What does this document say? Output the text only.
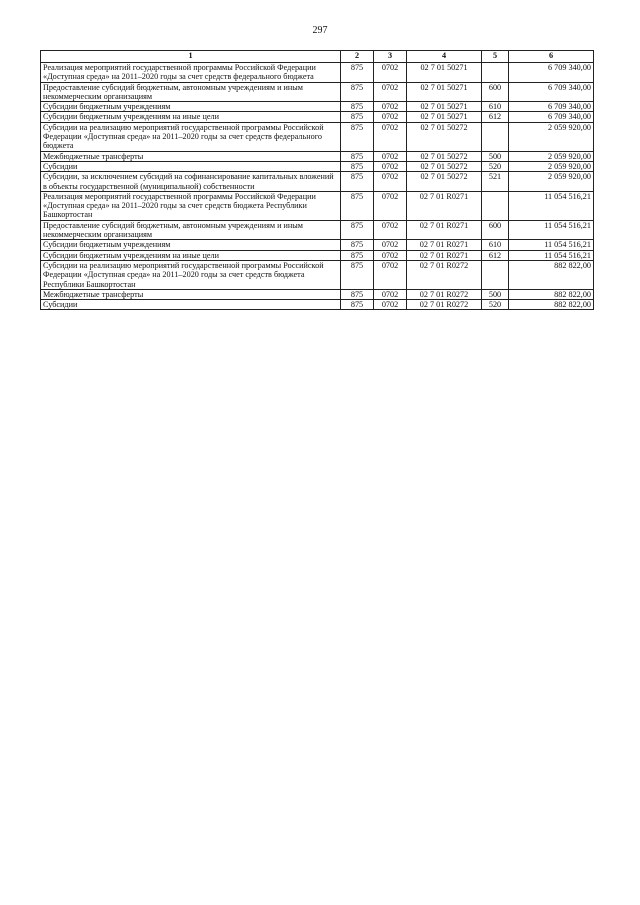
297
1	2	3	4	5	6
Реализация мероприятий государственной программы Российской Федерации «Доступная среда» на 2011–2020 годы за счет средств федерального бюджета	875	0702	02 7 01 50271		6 709 340,00
Предоставление субсидий бюджетным, автономным учреждениям и иным некоммерческим организациям	875	0702	02 7 01 50271	600	6 709 340,00
Субсидии бюджетным учреждениям	875	0702	02 7 01 50271	610	6 709 340,00
Субсидии бюджетным учреждениям на иные цели	875	0702	02 7 01 50271	612	6 709 340,00
Субсидии на реализацию мероприятий государственной программы Российской Федерации «Доступная среда» на 2011–2020 годы за счет средств федерального бюджета	875	0702	02 7 01 50272		2 059 920,00
Межбюджетные трансферты	875	0702	02 7 01 50272	500	2 059 920,00
Субсидии	875	0702	02 7 01 50272	520	2 059 920,00
Субсидии, за исключением субсидий на софинансирование капитальных вложений в объекты государственной (муниципальной) собственности	875	0702	02 7 01 50272	521	2 059 920,00
Реализация мероприятий государственной программы Российской Федерации «Доступная среда» на 2011–2020 годы за счет средств бюджета Республики Башкортостан	875	0702	02 7 01 R0271		11 054 516,21
Предоставление субсидий бюджетным, автономным учреждениям и иным некоммерческим организациям	875	0702	02 7 01 R0271	600	11 054 516,21
Субсидии бюджетным учреждениям	875	0702	02 7 01 R0271	610	11 054 516,21
Субсидии бюджетным учреждениям на иные цели	875	0702	02 7 01 R0271	612	11 054 516,21
Субсидии на реализацию мероприятий государственной программы Российской Федерации «Доступная среда» на 2011–2020 годы за счет средств бюджета Республики Башкортостан	875	0702	02 7 01 R0272		882 822,00
Межбюджетные трансферты	875	0702	02 7 01 R0272	500	882 822,00
Субсидии	875	0702	02 7 01 R0272	520	882 822,00
